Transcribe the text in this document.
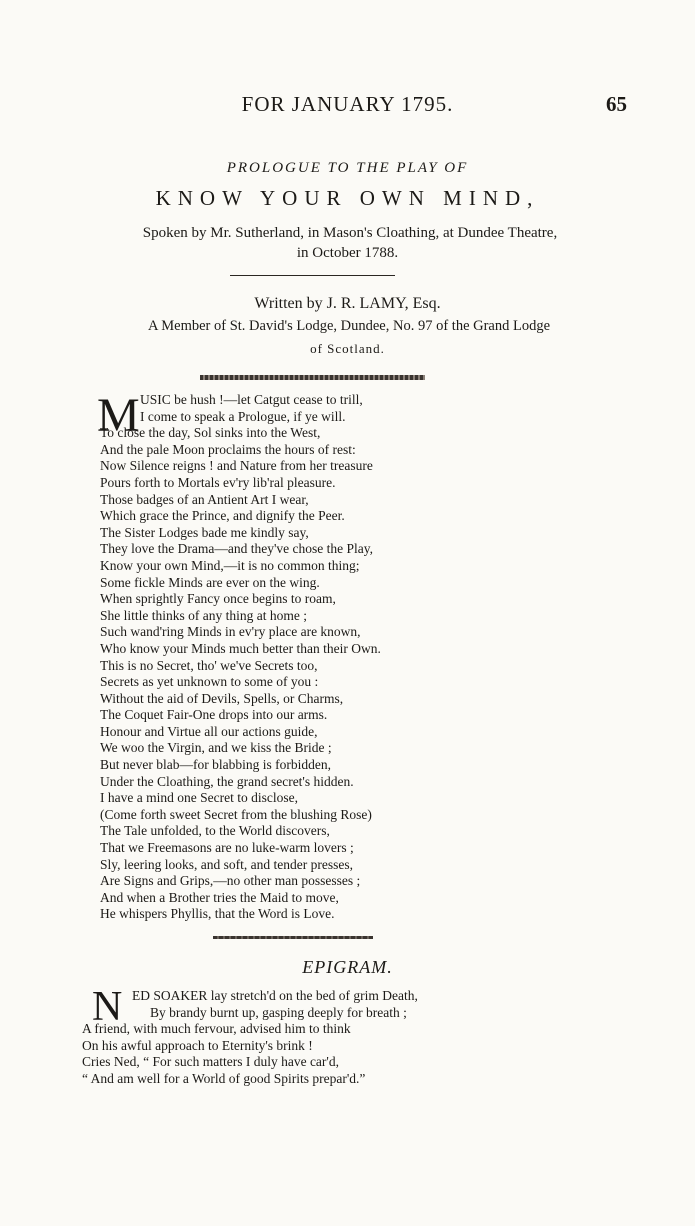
FOR JANUARY 1795.	65
PROLOGUE TO THE PLAY OF
KNOW YOUR OWN MIND,
Spoken by Mr. Sutherland, in Mason's Cloathing, at Dundee Theatre,
in October 1788.
Written by J. R. LAMY, Esq.
A Member of St. David's Lodge, Dundee, No. 97 of the Grand Lodge
of Scotland.
M USIC be hush !—let Catgut cease to trill,
I come to speak a Prologue, if ye will.
To close the day, Sol sinks into the West,
And the pale Moon proclaims the hours of rest:
Now Silence reigns ! and Nature from her treasure
Pours forth to Mortals ev'ry lib'ral pleasure.
Those badges of an Antient Art I wear,
Which grace the Prince, and dignify the Peer.
The Sister Lodges bade me kindly say,
They love the Drama—and they've chose the Play,
Know your own Mind,—it is no common thing;
Some fickle Minds are ever on the wing.
When sprightly Fancy once begins to roam,
She little thinks of any thing at home ;
Such wand'ring Minds in ev'ry place are known,
Who know your Minds much better than their Own.
This is no Secret, tho' we've Secrets too,
Secrets as yet unknown to some of you :
Without the aid of Devils, Spells, or Charms,
The Coquet Fair-One drops into our arms.
Honour and Virtue all our actions guide,
We woo the Virgin, and we kiss the Bride ;
But never blab—for blabbing is forbidden,
Under the Cloathing, the grand secret's hidden.
I have a mind one Secret to disclose,
(Come forth sweet Secret from the blushing Rose)
The Tale unfolded, to the World discovers,
That we Freemasons are no luke-warm lovers ;
Sly, leering looks, and soft, and tender presses,
Are Signs and Grips,—no other man possesses ;
And when a Brother tries the Maid to move,
He whispers Phyllis, that the Word is Love.
EPIGRAM.
N ED SOAKER lay stretch'd on the bed of grim Death,
By brandy burnt up, gasping deeply for breath ;
A friend, with much fervour, advised him to think
On his awful approach to Eternity's brink !
Cries Ned, “ For such matters I duly have car'd,
“ And am well for a World of good Spirits prepar'd.”
